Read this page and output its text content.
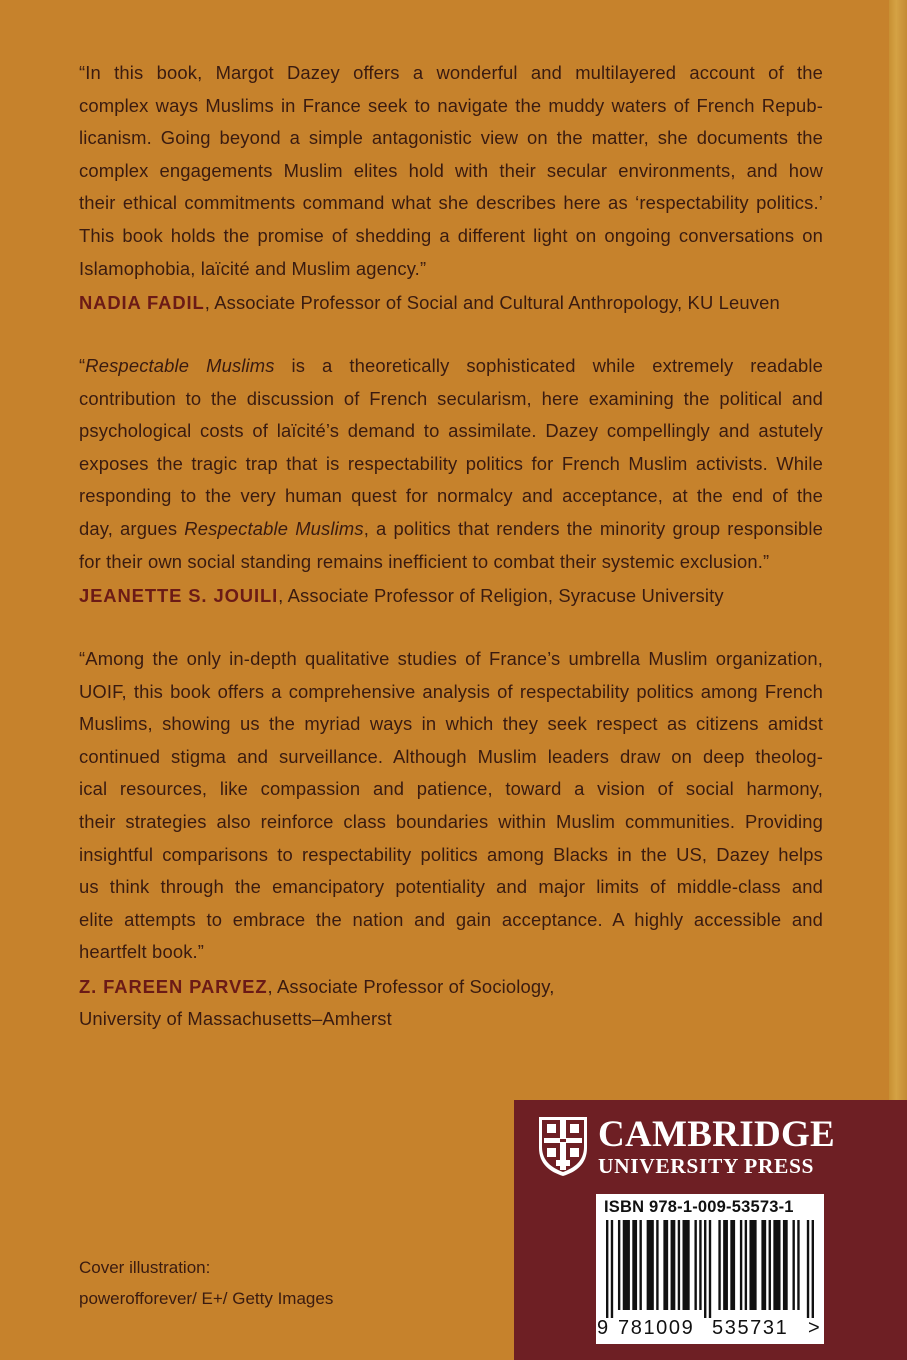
“In this book, Margot Dazey offers a wonderful and multilayered account of the
complex ways Muslims in France seek to navigate the muddy waters of French Repub-
licanism. Going beyond a simple antagonistic view on the matter, she documents the
complex engagements Muslim elites hold with their secular environments, and how
their ethical commitments command what she describes here as ‘respectability politics.’
This book holds the promise of shedding a different light on ongoing conversations on
Islamophobia, laïcité and Muslim agency.”

NADIA FADIL, Associate Professor of Social and Cultural Anthropology, KU Leuven

“Respectable Muslims is a theoretically sophisticated while extremely readable
contribution to the discussion of French secularism, here examining the political and
psychological costs of laïcité’s demand to assimilate. Dazey compellingly and astutely
exposes the tragic trap that is respectability politics for French Muslim activists. While
responding to the very human quest for normalcy and acceptance, at the end of the
day, argues Respectable Muslims, a politics that renders the minority group responsible
for their own social standing remains inefficient to combat their systemic exclusion.”

JEANETTE S. JOUILI, Associate Professor of Religion, Syracuse University

“Among the only in-depth qualitative studies of France’s umbrella Muslim organization,
UOIF, this book offers a comprehensive analysis of respectability politics among French
Muslims, showing us the myriad ways in which they seek respect as citizens amidst
continued stigma and surveillance. Although Muslim leaders draw on deep theolog-
ical resources, like compassion and patience, toward a vision of social harmony,
their strategies also reinforce class boundaries within Muslim communities. Providing
insightful comparisons to respectability politics among Blacks in the US, Dazey helps
us think through the emancipatory potentiality and major limits of middle-class and
elite attempts to embrace the nation and gain acceptance. A highly accessible and
heartfelt book.”

Z. FAREEN PARVEZ, Associate Professor of Sociology,
University of Massachusetts–Amherst
Cover illustration:
powerofforever/ E+/ Getty Images
CAMBRIDGE
UNIVERSITY PRESS
ISBN 978-1-009-53573-1
9 781009 535731 >
